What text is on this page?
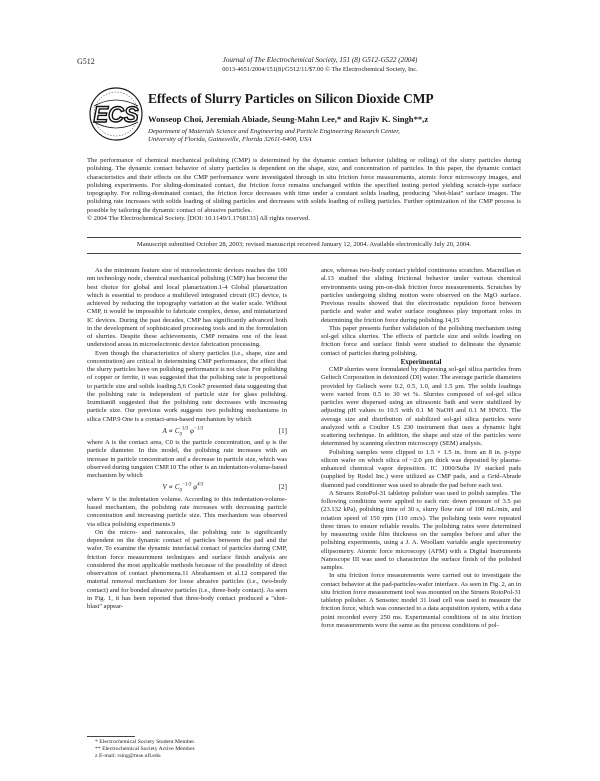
G512	Journal of The Electrochemical Society, 151 (8) G512-G522 (2004)
0013-4651/2004/151(8)/G512/11/$7.00 © The Electrochemical Society, Inc.
ECS
Effects of Slurry Particles on Silicon Dioxide CMP
Wonseop Choi, Jeremiah Abiade, Seung-Mahn Lee,* and Rajiv K. Singh**,z
Department of Materials Science and Engineering and Particle Engineering Research Center,
University of Florida, Gainesville, Florida 32611-6400, USA

The performance of chemical mechanical polishing (CMP) is determined by the dynamic contact behavior (sliding or rolling) of the slurry particles during polishing. The dynamic contact behavior of slurry particles is dependent on the shape, size, and concentration of particles. In this paper, the dynamic contact characteristics and their effects on the CMP performance were investigated through in situ friction force measurements, atomic force microscopy images, and polishing experiments. For sliding-dominated contact, the friction force remains unchanged within the specified testing period yielding scratch-type surface topography. For rolling-dominated contact, the friction force decreases with time under a constant solids loading, producing "shot-blast" surface images. The polishing rate increases with solids loading of sliding particles and decreases with solids loading of rolling particles. Further optimization of the CMP process is possible by tailoring the dynamic contact of abrasive particles.

© 2004 The Electrochemical Society. [DOI: 10.1149/1.1768133] All rights reserved.

Manuscript submitted October 28, 2003; revised manuscript received January 12, 2004. Available electronically July 20, 2004.

As the minimum feature size of microelectronic devices reaches the 100 nm technology node, chemical mechanical polishing (CMP) has become the best choice for global and local planarization.1-4 Global planarization which is essential to produce a multilevel integrated circuit (IC) device, is achieved by reducing the topography variation at the wafer scale. Without CMP, it would be impossible to fabricate complex, dense, and miniaturized IC devices. During the past decades, CMP has significantly advanced both in the development of sophisticated processing tools and in the formulation of slurries. Despite these achievements, CMP remains one of the least understood areas in microelectronic device fabrication processing.

Even though the characteristics of slurry particles (i.e., shape, size and concentration) are critical in determining CMP performance, the effect that the slurry particles have on polishing performance is not clear. For polishing of copper or ferrite, it was suggested that the polishing rate is proportional to particle size and solids loading.5,6 Cook7 presented data suggesting that the polishing rate is independent of particle size for glass polishing. Izumitani8 suggested that the polishing rate decreases with increasing particle size. Our previous work suggests two polishing mechanisms in silica CMP.9 One is a contact-area-based mechanism by which

$A \propto C_0^{1/3}$ $\varphi^{-1/3}$	[1]

where A is the contact area, C0 is the particle concentration, and φ is the particle diameter. In this model, the polishing rate increases with an increase in particle concentration and a decrease in particle size, which was observed during tungsten CMP.10 The other is an indentation-volume-based mechanism by which

$V \propto C_0^{-1/3}$ $\varphi^{4/3}$	[2]

where V is the indentation volume. According to this indentation-volume-based mechanism, the polishing rate increases with decreasing particle concentration and increasing particle size. This mechanism was observed via silica polishing experiments.9

On the micro- and nanoscales, the polishing rate is significantly dependent on the dynamic contact of particles between the pad and the wafer. To examine the dynamic interfacial contact of particles during CMP, friction force measurement techniques and surface finish analysis are considered the most applicable methods because of the possibility of direct observation of contact phenomena.11 Abrahamsen et al.12 compared the material removal mechanism for loose abrasive particles (i.e., two-body contact) and for bonded abrasive particles (i.e., three-body contact). As seen in Fig. 1, it has been reported that three-body contact produced a "shot-blast" appear-

ance, whereas two-body contact yielded continuous scratches. Macmillan et al.13 studied the sliding frictional behavior under various chemical environments using pin-on-disk friction force measurements. Scratches by particles undergoing sliding motion were observed on the MgO surface. Previous results showed that the electrostatic repulsion force between particle and wafer and wafer surface roughness play important roles in determining the friction force during polishing.14,15

This paper presents further validation of the polishing mechanism using sol-gel silica slurries. The effects of particle size and solids loading on friction force and surface finish were studied to delineate the dynamic contact of particles during polishing.

Experimental

CMP slurries were formulated by dispersing sol-gel silica particles from Geltech Corporation in deionized (DI) water. The average particle diameters provided by Geltech were 0.2, 0.5, 1.0, and 1.5 μm. The solids loadings were varied from 0.5 to 30 wt %. Slurries composed of sol-gel silica particles were dispersed using an ultrasonic bath and were stabilized by adjusting pH values to 10.5 with 0.1 M NaOH and 0.1 M HNO3. The average size and distribution of stabilized sol-gel silica particles were analyzed with a Coulter LS 230 instrument that uses a dynamic light scattering technique. In addition, the shape and size of the particles were determined by scanning electron microscopy (SEM) analysis.

Polishing samples were clipped to 1.5 × 1.5 in. from an 8 in. p-type silicon wafer on which silica of ~2.0 μm thick was deposited by plasma-enhanced chemical vapor deposition. IC 1000/Suba IV stacked pads (supplied by Rodel Inc.) were utilized as CMP pads, and a Grid-Abrade diamond pad conditioner was used to abrade the pad before each test.

A Struers RotoPol-31 tabletop polisher was used to polish samples. The following conditions were applied to each run: down pressure of 3.5 psi (23.132 kPa), polishing time of 30 s, slurry flow rate of 100 mL/min, and rotation speed of 150 rpm (110 cm/s). The polishing tests were repeated three times to ensure reliable results. The polishing rates were determined by measuring oxide film thickness on the samples before and after the polishing experiments, using a J. A. Woollam variable angle spectrometry ellipsometry. Atomic force microscopy (AFM) with a Digital Instruments Nanoscope III was used to characterize the surface finish of the polished samples.

In situ friction force measurements were carried out to investigate the contact behavior at the pad-particles-wafer interface. As seen in Fig. 2, an in situ friction force measurement tool was mounted on the Struers RotoPol-31 tabletop polisher. A Sensotec model 31 load cell was used to measure the friction force, which was connected to a data acquisition system, with a data point recorded every 250 ms. Experimental conditions of in situ friction force measurements were the same as the process conditions of pol-

* Electrochemical Society Student Member.
** Electrochemical Society Active Member.
z E-mail: rsing@mse.ufl.edu
